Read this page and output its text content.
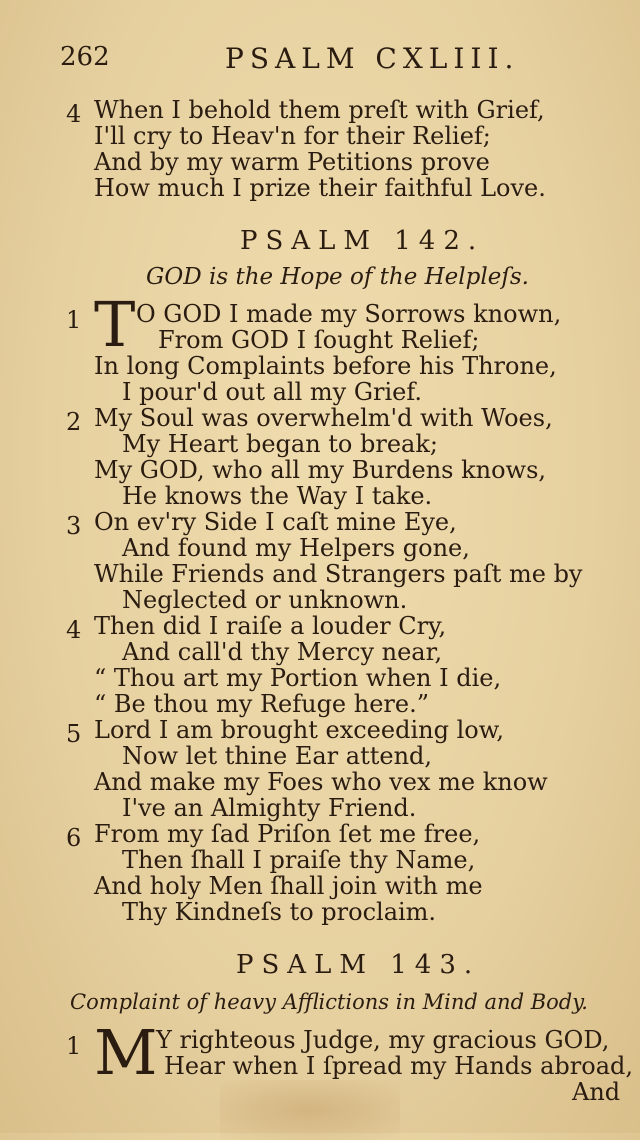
262	PSALM CXLIII.
4 When I behold them preſt with Grief,
I'll cry to Heav'n for their Relief;
And by my warm Petitions prove
How much I prize their faithful Love.
PSALM 142.
GOD is the Hope of the Helpleſs.
1 T O GOD I made my Sorrows known,
From GOD I ſought Relief;
In long Complaints before his Throne,
I pour'd out all my Grief.
2 My Soul was overwhelm'd with Woes,
My Heart began to break;
My GOD, who all my Burdens knows,
He knows the Way I take.
3 On ev'ry Side I caſt mine Eye,
And found my Helpers gone,
While Friends and Strangers paſt me by
Neglected or unknown.
4 Then did I raiſe a louder Cry,
And call'd thy Mercy near,
“ Thou art my Portion when I die,
“ Be thou my Refuge here.”
5 Lord I am brought exceeding low,
Now let thine Ear attend,
And make my Foes who vex me know
I've an Almighty Friend.
6 From my ſad Priſon ſet me free,
Then ſhall I praiſe thy Name,
And holy Men ſhall join with me
Thy Kindneſs to proclaim.
PSALM 143.
Complaint of heavy Afflictions in Mind and Body.
1 M
Y righteous Judge, my gracious GOD,
Hear when I ſpread my Hands abroad,
And
